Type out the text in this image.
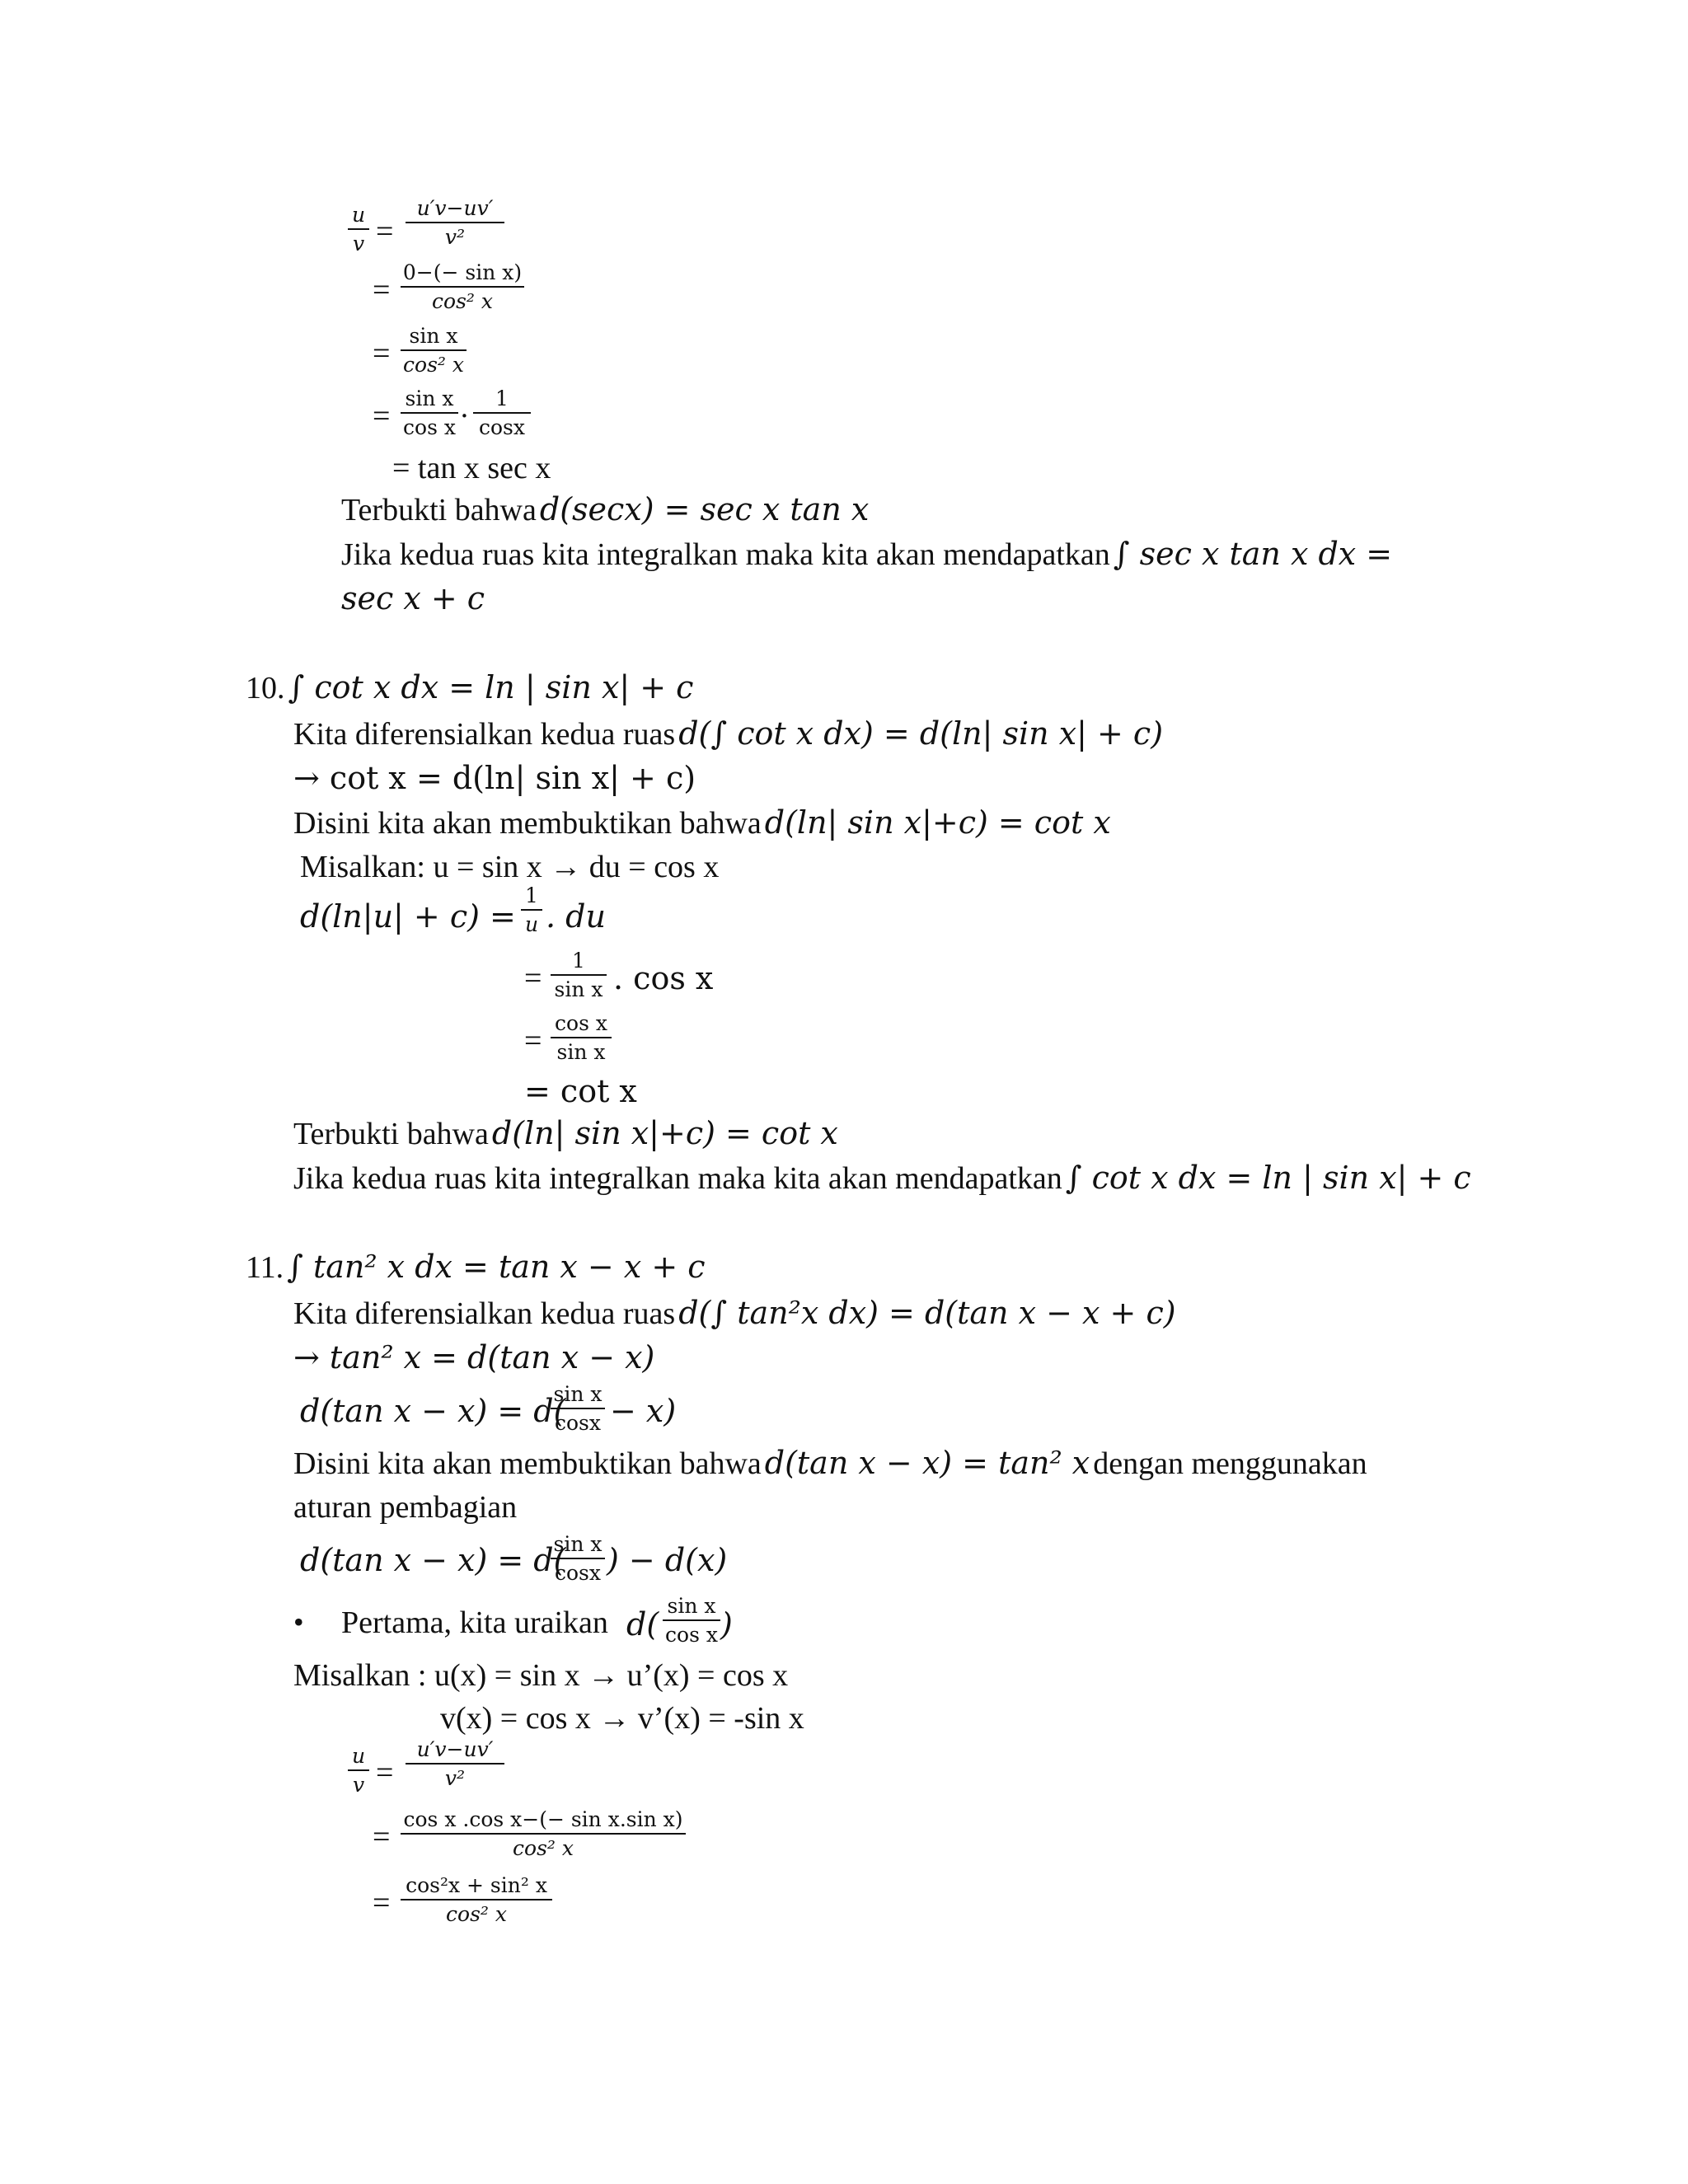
u
v =
u′v−uv′
v²
=
0−(− sin x)
cos² x
=
sin x
cos² x
=
sin x
cos x
.	1
cosx
= tan x sec x
Terbukti bahwa d(secx) = sec x tan x
Jika kedua ruas kita integralkan maka kita akan mendapatkan ∫ sec x tan x dx =
sec x + c
10. ∫ cot x dx = ln | sin x| + c
Kita diferensialkan kedua ruas d(∫ cot x dx) = d(ln| sin x| + c)
→ cot x = d(ln| sin x| + c)
Disini kita akan membuktikan bahwa d(ln| sin x|+c) = cot x
Misalkan: u = sin x → du = cos x
d(ln|u| + c) =
1
u . du
=
1
sin x . cos x
=
cos x
sin x
= cot x
Terbukti bahwa d(ln| sin x|+c) = cot x
Jika kedua ruas kita integralkan maka kita akan mendapatkan ∫ cot x dx = ln | sin x| + c
11. ∫ tan² x dx = tan x − x + c
Kita diferensialkan kedua ruas d(∫ tan²x dx) = d(tan x − x + c)
→ tan² x = d(tan x − x)
d(tan x − x) = d(
sin x
cosx − x)
Disini kita akan membuktikan bahwa d(tan x − x) = tan² x dengan menggunakan
aturan pembagian
d(tan x − x) = d(
sin x
cosx ) − d(x)
• Pertama, kita uraikan d(
sin x
cos x )
Misalkan : u(x) = sin x → u’(x) = cos x
v(x) = cos x → v’(x) = -sin x
u
v =
u′v−uv′
v²
=
cos x .cos x−(− sin x.sin x)
cos² x
=
cos²x + sin² x
cos² x
